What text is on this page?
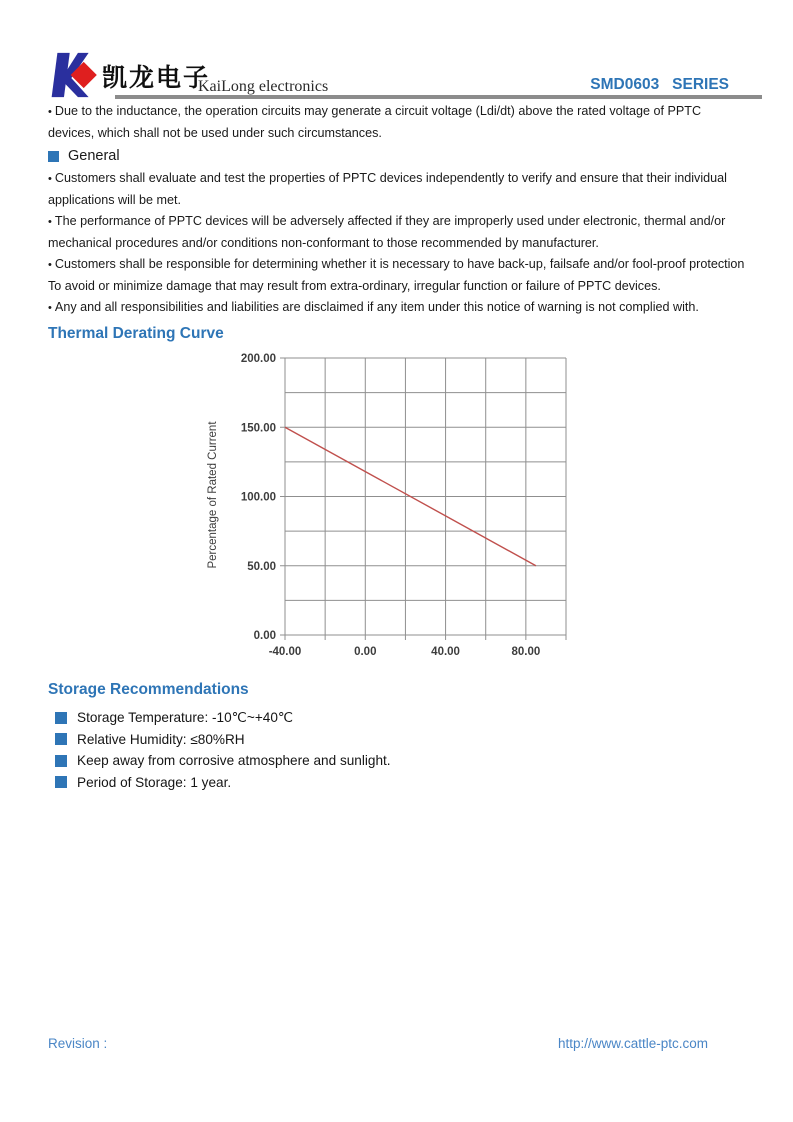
凯龙电子
KaiLong electronics	SMD0603   SERIES

• Due to the inductance, the operation circuits may generate a circuit voltage (Ldi/dt) above the rated voltage of PPTC devices, which shall not be used under such circumstances.

General

• Customers shall evaluate and test the properties of PPTC devices independently to verify and ensure that their individual applications will be met.

• The performance of PPTC devices will be adversely affected if they are improperly used under electronic, thermal and/or mechanical procedures and/or conditions non-conformant to those recommended by manufacturer.

• Customers shall be responsible for determining whether it is necessary to have back-up, failsafe and/or fool-proof protection To avoid or minimize damage that may result from extra-ordinary, irregular function or failure of PPTC devices.

• Any and all responsibilities and liabilities are disclaimed if any item under this notice of warning is not complied with.

Thermal Derating Curve
Percentage of Rated Current
0.00
50.00
100.00
150.00
200.00
-40.00	0.00	40.00	80.00
Storage Recommendations
Storage Temperature: -10℃~+40℃
Relative Humidity: ≤80%RH
Keep away from corrosive atmosphere and sunlight.
Period of Storage: 1 year.
Revision :	http://www.cattle-ptc.com
